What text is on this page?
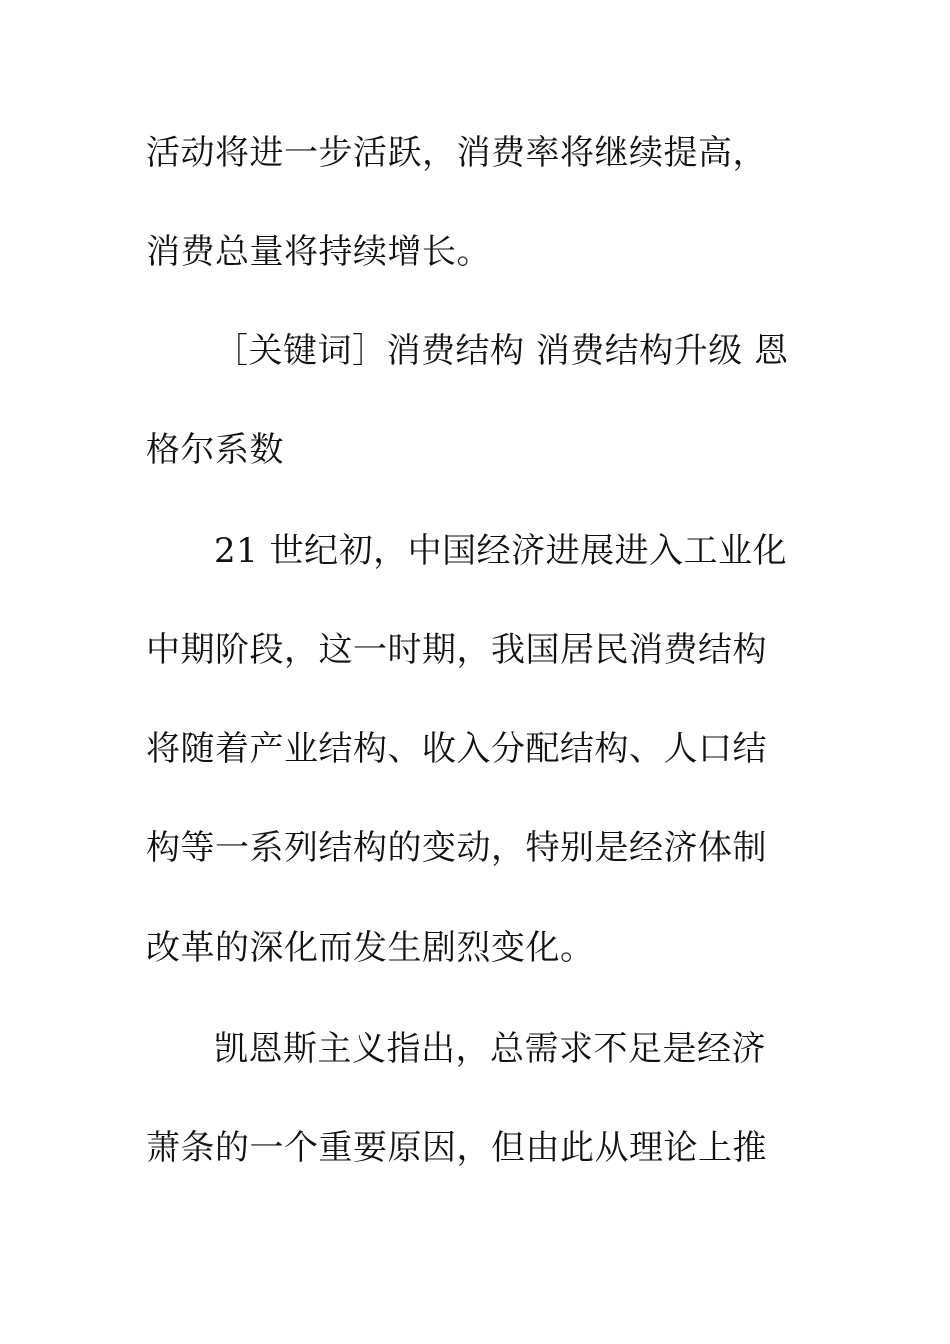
活动将进一步活跃，消费率将继续提高，
消费总量将持续增长。
［关键词］消费结构 消费结构升级 恩
格尔系数
21 世纪初，中国经济进展进入工业化
中期阶段，这一时期，我国居民消费结构
将随着产业结构、收入分配结构、人口结
构等一系列结构的变动，特别是经济体制
改革的深化而发生剧烈变化。
凯恩斯主义指出，总需求不足是经济
萧条的一个重要原因，但由此从理论上推
